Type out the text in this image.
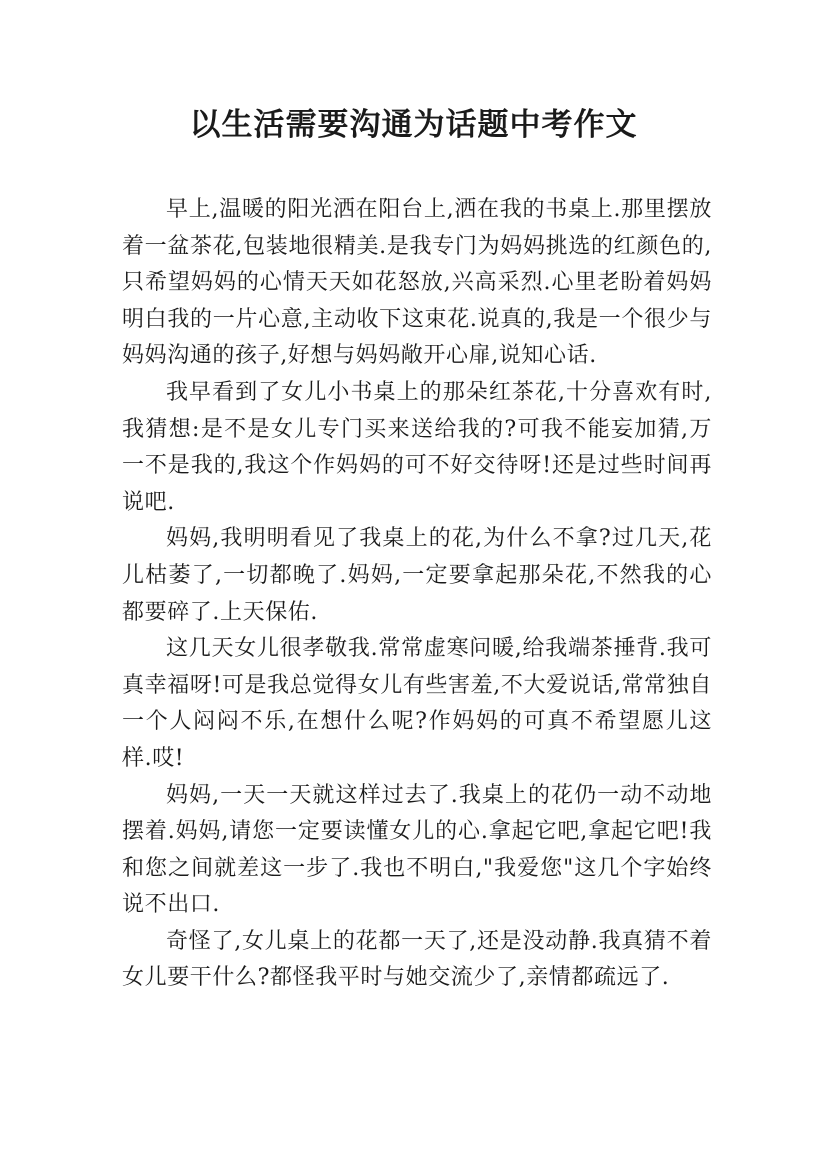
以生活需要沟通为话题中考作文

早上,温暖的阳光洒在阳台上,洒在我的书桌上.那里摆放着一盆茶花,包装地很精美.是我专门为妈妈挑选的红颜色的,只希望妈妈的心情天天如花怒放,兴高采烈.心里老盼着妈妈明白我的一片心意,主动收下这束花.说真的,我是一个很少与妈妈沟通的孩子,好想与妈妈敞开心扉,说知心话.

我早看到了女儿小书桌上的那朵红茶花,十分喜欢有时,我猜想:是不是女儿专门买来送给我的?可我不能妄加猜,万一不是我的,我这个作妈妈的可不好交待呀!还是过些时间再说吧.

妈妈,我明明看见了我桌上的花,为什么不拿?过几天,花儿枯萎了,一切都晚了.妈妈,一定要拿起那朵花,不然我的心都要碎了.上天保佑.

这几天女儿很孝敬我.常常虚寒问暖,给我端茶捶背.我可真幸福呀!可是我总觉得女儿有些害羞,不大爱说话,常常独自一个人闷闷不乐,在想什么呢?作妈妈的可真不希望愿儿这样.哎!

妈妈,一天一天就这样过去了.我桌上的花仍一动不动地摆着.妈妈,请您一定要读懂女儿的心.拿起它吧,拿起它吧!我和您之间就差这一步了.我也不明白,"我爱您"这几个字始终说不出口.

奇怪了,女儿桌上的花都一天了,还是没动静.我真猜不着女儿要干什么?都怪我平时与她交流少了,亲情都疏远了.
